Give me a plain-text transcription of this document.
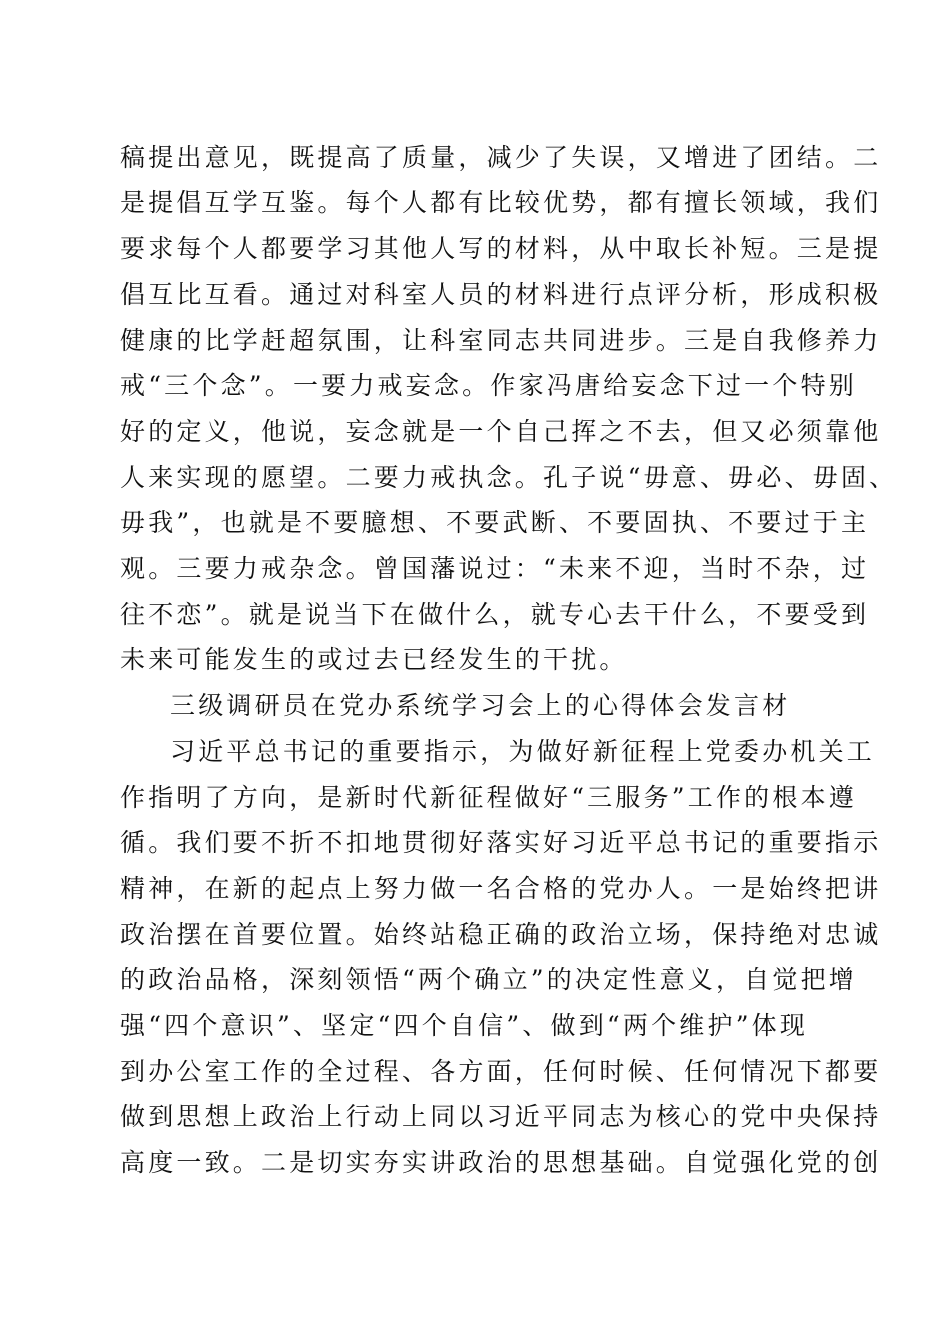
稿提出意见，既提高了质量，减少了失误，又增进了团结。二
是提倡互学互鉴。每个人都有比较优势，都有擅长领域，我们
要求每个人都要学习其他人写的材料，从中取长补短。三是提
倡互比互看。通过对科室人员的材料进行点评分析，形成积极
健康的比学赶超氛围，让科室同志共同进步。三是自我修养力
戒“三个念”。一要力戒妄念。作家冯唐给妄念下过一个特别
好的定义，他说，妄念就是一个自己挥之不去，但又必须靠他
人来实现的愿望。二要力戒执念。孔子说“毋意、毋必、毋固、
毋我”，也就是不要臆想、不要武断、不要固执、不要过于主
观。三要力戒杂念。曾国藩说过：“未来不迎，当时不杂，过
往不恋”。就是说当下在做什么，就专心去干什么，不要受到
未来可能发生的或过去已经发生的干扰。
三级调研员在党办系统学习会上的心得体会发言材
习近平总书记的重要指示，为做好新征程上党委办机关工
作指明了方向，是新时代新征程做好“三服务”工作的根本遵
循。我们要不折不扣地贯彻好落实好习近平总书记的重要指示
精神，在新的起点上努力做一名合格的党办人。一是始终把讲
政治摆在首要位置。始终站稳正确的政治立场，保持绝对忠诚
的政治品格，深刻领悟“两个确立”的决定性意义，自觉把增
强“四个意识”、坚定“四个自信”、做到“两个维护”体现
到办公室工作的全过程、各方面，任何时候、任何情况下都要
做到思想上政治上行动上同以习近平同志为核心的党中央保持
高度一致。二是切实夯实讲政治的思想基础。自觉强化党的创
